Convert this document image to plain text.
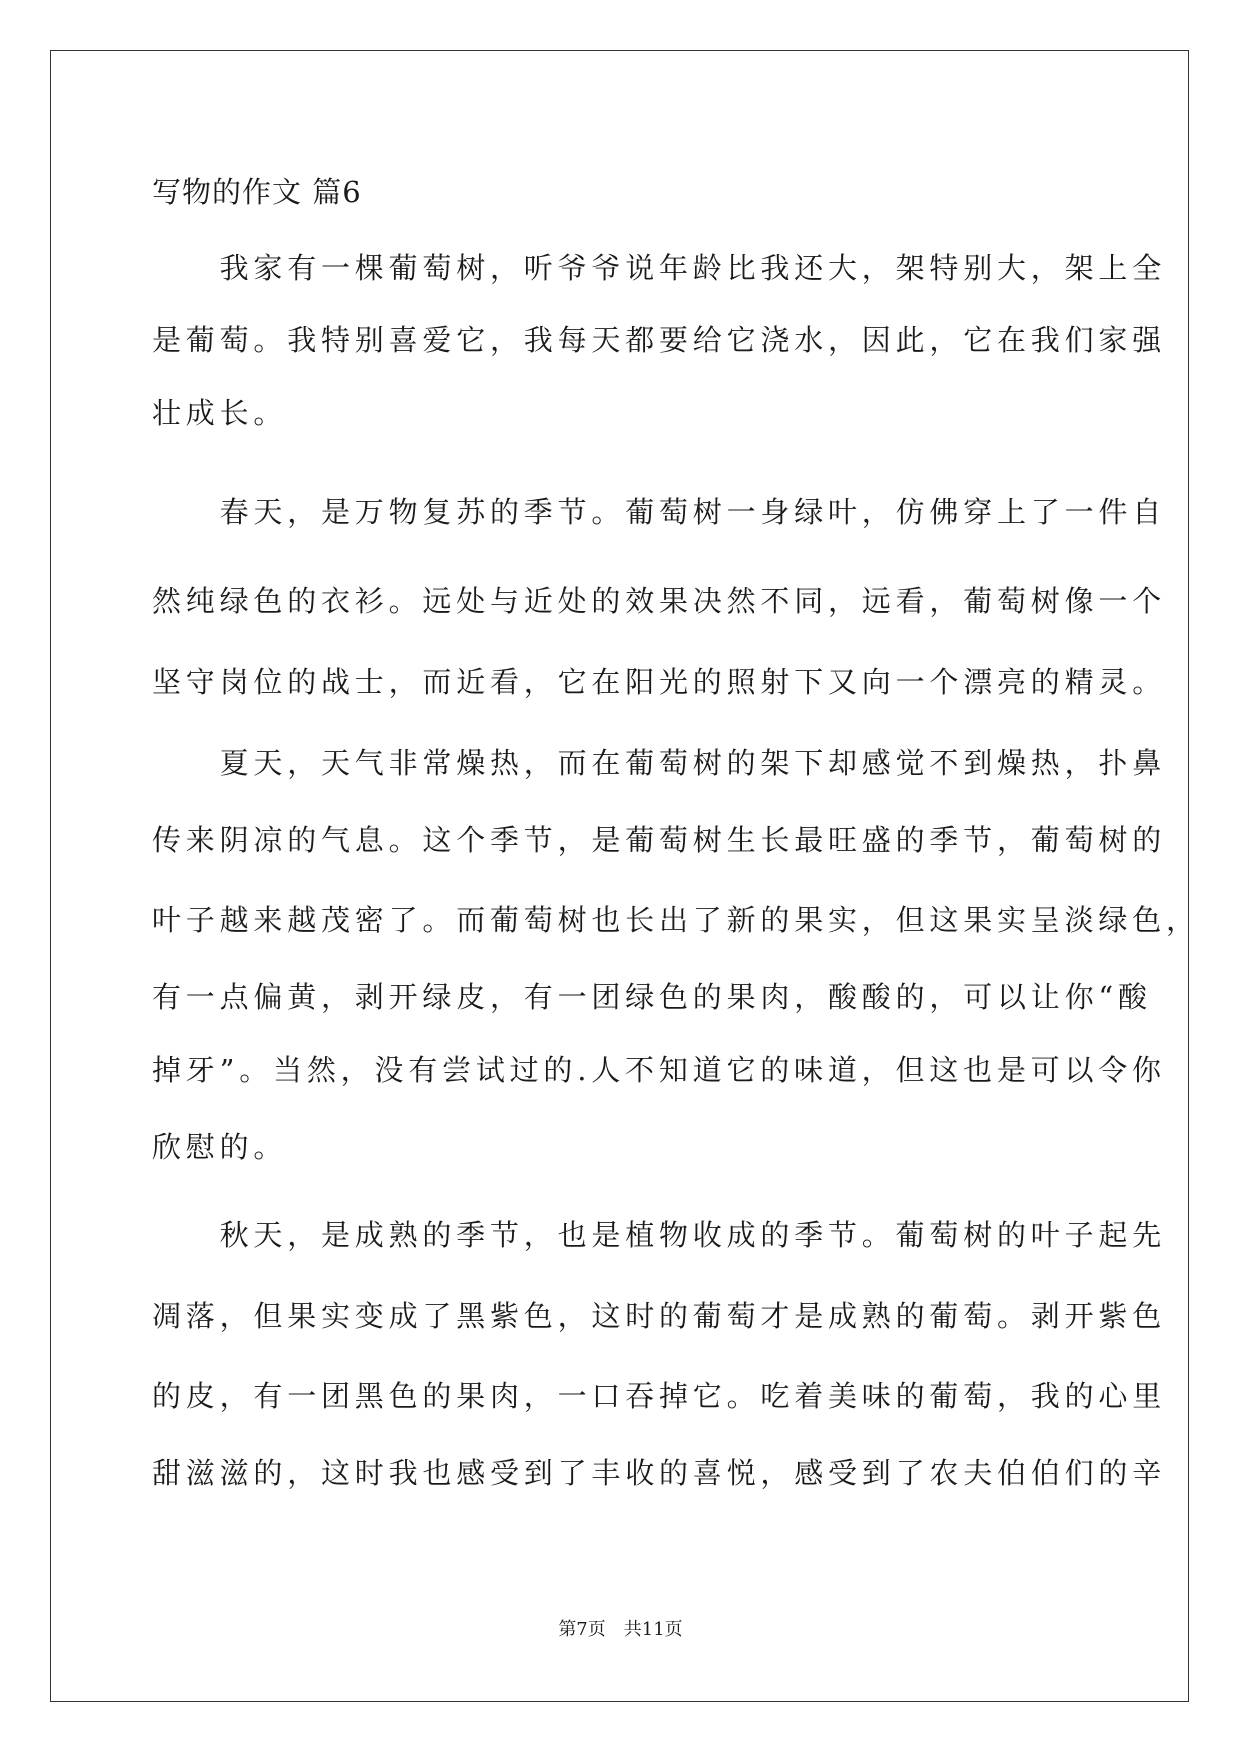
写物的作文 篇6
　　我家有一棵葡萄树，听爷爷说年龄比我还大，架特别大，架上全
是葡萄。我特别喜爱它，我每天都要给它浇水，因此，它在我们家强
壮成长。
　　春天，是万物复苏的季节。葡萄树一身绿叶，仿佛穿上了一件自
然纯绿色的衣衫。远处与近处的效果决然不同，远看，葡萄树像一个
坚守岗位的战士，而近看，它在阳光的照射下又向一个漂亮的精灵。
　　夏天，天气非常燥热，而在葡萄树的架下却感觉不到燥热，扑鼻
传来阴凉的气息。这个季节，是葡萄树生长最旺盛的季节，葡萄树的
叶子越来越茂密了。而葡萄树也长出了新的果实，但这果实呈淡绿色，
有一点偏黄，剥开绿皮，有一团绿色的果肉，酸酸的，可以让你“酸
掉牙”。当然，没有尝试过的.人不知道它的味道，但这也是可以令你
欣慰的。
　　秋天，是成熟的季节，也是植物收成的季节。葡萄树的叶子起先
凋落，但果实变成了黑紫色，这时的葡萄才是成熟的葡萄。剥开紫色
的皮，有一团黑色的果肉，一口吞掉它。吃着美味的葡萄，我的心里
甜滋滋的，这时我也感受到了丰收的喜悦，感受到了农夫伯伯们的辛
第7页　共11页
